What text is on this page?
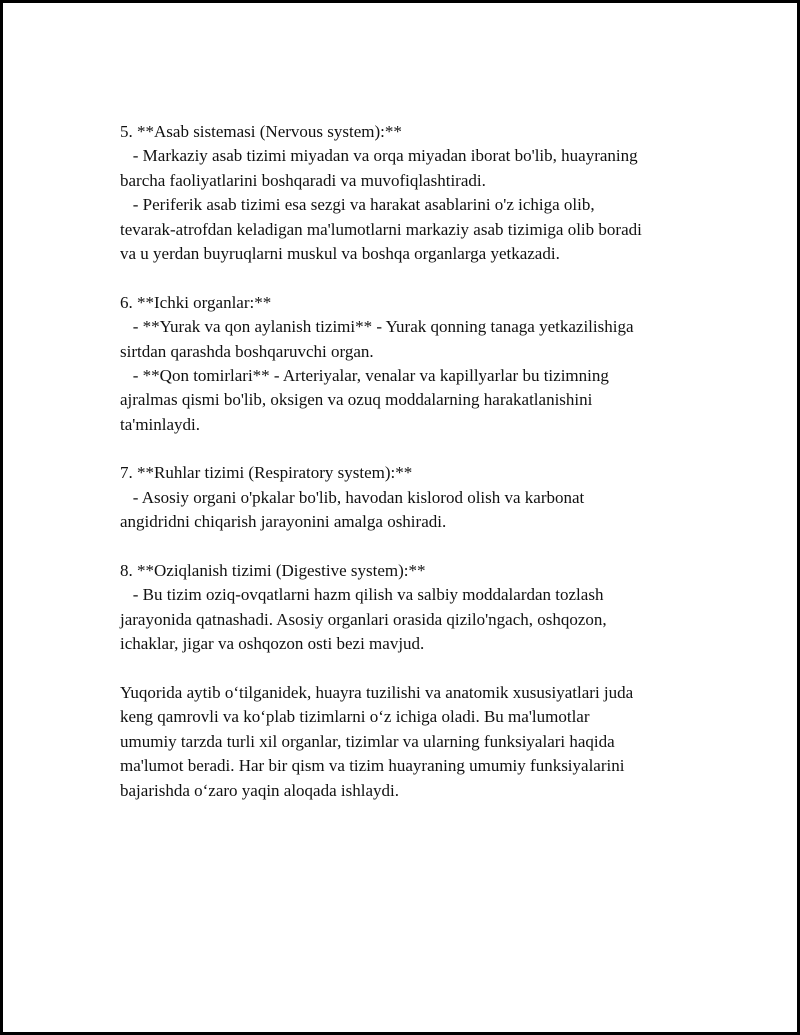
5. **Asab sistemasi (Nervous system):**
- Markaziy asab tizimi miyadan va orqa miyadan iborat bo'lib, huayraning
barcha faoliyatlarini boshqaradi va muvofiqlashtiradi.
- Periferik asab tizimi esa sezgi va harakat asablarini o'z ichiga olib,
tevarak-atrofdan keladigan ma'lumotlarni markaziy asab tizimiga olib boradi
va u yerdan buyruqlarni muskul va boshqa organlarga yetkazadi.
6. **Ichki organlar:**
- **Yurak va qon aylanish tizimi** - Yurak qonning tanaga yetkazilishiga
sirtdan qarashda boshqaruvchi organ.
- **Qon tomirlari** - Arteriyalar, venalar va kapillyarlar bu tizimning
ajralmas qismi bo'lib, oksigen va ozuq moddalarning harakatlanishini
ta'minlaydi.
7. **Ruhlar tizimi (Respiratory system):**
- Asosiy organi o'pkalar bo'lib, havodan kislorod olish va karbonat
angidridni chiqarish jarayonini amalga oshiradi.
8. **Oziqlanish tizimi (Digestive system):**
- Bu tizim oziq-ovqatlarni hazm qilish va salbiy moddalardan tozlash
jarayonida qatnashadi. Asosiy organlari orasida qizilo'ngach, oshqozon,
ichaklar, jigar va oshqozon osti bezi mavjud.
Yuqorida aytib o‘tilganidek, huayra tuzilishi va anatomik xususiyatlari juda
keng qamrovli va ko‘plab tizimlarni o‘z ichiga oladi. Bu ma'lumotlar
umumiy tarzda turli xil organlar, tizimlar va ularning funksiyalari haqida
ma'lumot beradi. Har bir qism va tizim huayraning umumiy funksiyalarini
bajarishda o‘zaro yaqin aloqada ishlaydi.
